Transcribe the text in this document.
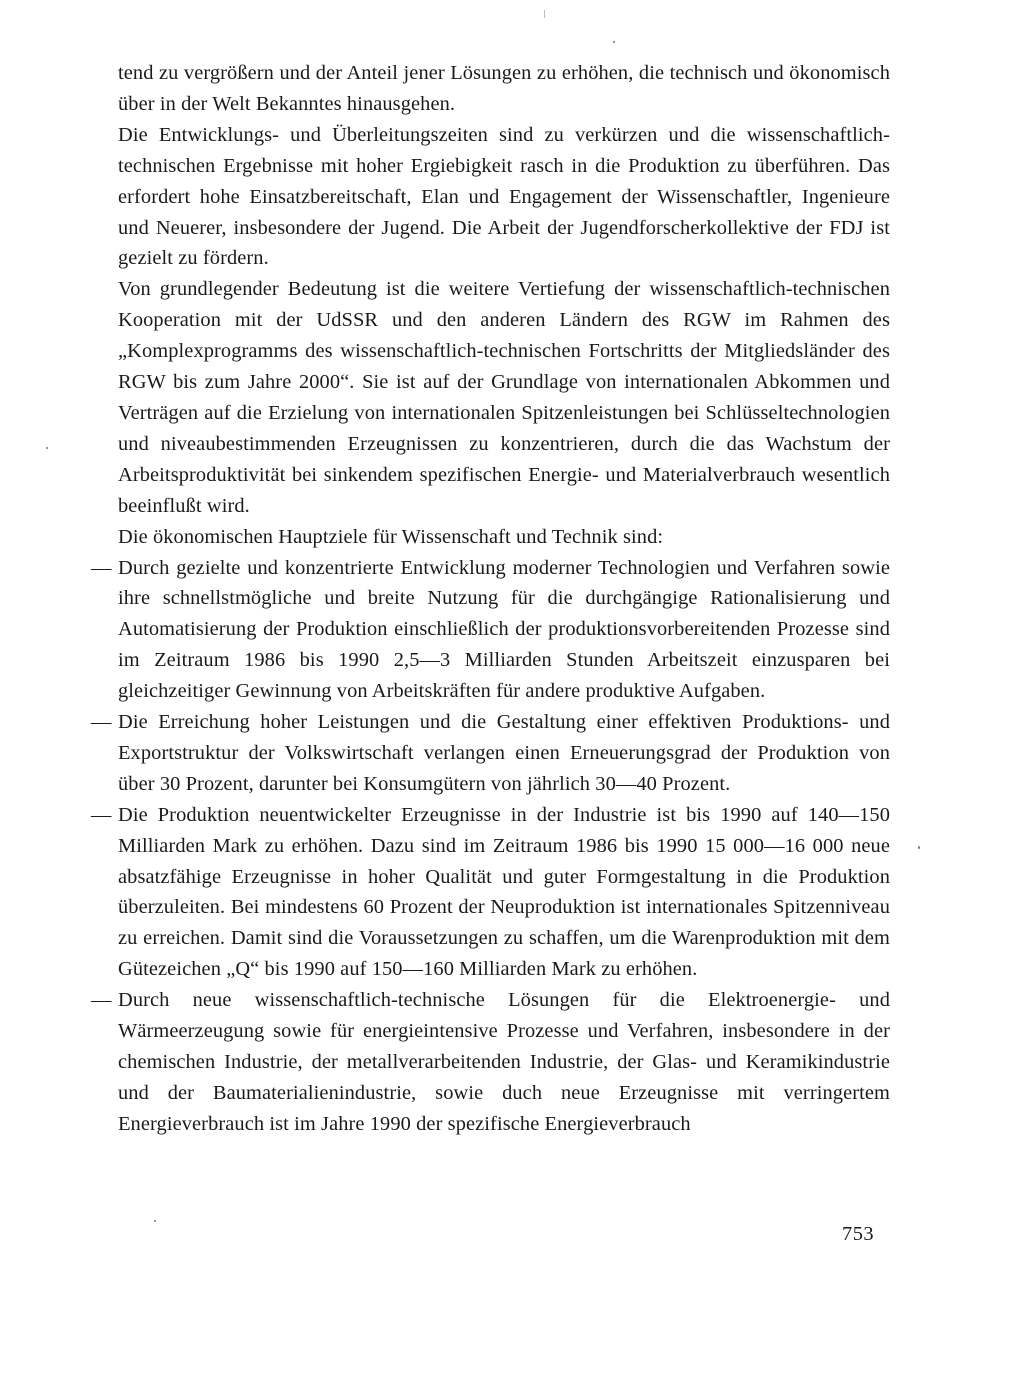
tend zu vergrößern und der Anteil jener Lösungen zu erhöhen, die technisch und ökonomisch über in der Welt Bekanntes hinausgehen.

Die Entwicklungs- und Überleitungszeiten sind zu verkürzen und die wissenschaftlich-technischen Ergebnisse mit hoher Ergiebigkeit rasch in die Produktion zu überführen. Das erfordert hohe Einsatzbereitschaft, Elan und Engagement der Wissenschaftler, Ingenieure und Neuerer, insbesondere der Jugend. Die Arbeit der Jugendforscherkollektive der FDJ ist gezielt zu fördern.

Von grundlegender Bedeutung ist die weitere Vertiefung der wissenschaftlich-technischen Kooperation mit der UdSSR und den anderen Ländern des RGW im Rahmen des „Komplexprogramms des wissenschaftlich-technischen Fortschritts der Mitgliedsländer des RGW bis zum Jahre 2000“. Sie ist auf der Grundlage von internationalen Abkommen und Verträgen auf die Erzielung von internationalen Spitzenleistungen bei Schlüsseltechnologien und niveaubestimmenden Erzeugnissen zu konzentrieren, durch die das Wachstum der Arbeitsproduktivität bei sinkendem spezifischen Energie- und Materialverbrauch wesentlich beeinflußt wird.

Die ökonomischen Hauptziele für Wissenschaft und Technik sind:

— Durch gezielte und konzentrierte Entwicklung moderner Technologien und Verfahren sowie ihre schnellstmögliche und breite Nutzung für die durchgängige Rationalisierung und Automatisierung der Produktion einschließlich der produktionsvorbereitenden Prozesse sind im Zeitraum 1986 bis 1990 2,5—3 Milliarden Stunden Arbeitszeit einzusparen bei gleichzeitiger Gewinnung von Arbeitskräften für andere produktive Aufgaben.
— Die Erreichung hoher Leistungen und die Gestaltung einer effektiven Produktions- und Exportstruktur der Volkswirtschaft verlangen einen Erneuerungsgrad der Produktion von über 30 Prozent, darunter bei Konsumgütern von jährlich 30—40 Prozent.
— Die Produktion neuentwickelter Erzeugnisse in der Industrie ist bis 1990 auf 140—150 Milliarden Mark zu erhöhen. Dazu sind im Zeitraum 1986 bis 1990 15 000—16 000 neue absatzfähige Erzeugnisse in hoher Qualität und guter Formgestaltung in die Produktion überzuleiten. Bei mindestens 60 Prozent der Neuproduktion ist internationales Spitzenniveau zu erreichen. Damit sind die Voraussetzungen zu schaffen, um die Warenproduktion mit dem Gütezeichen „Q“ bis 1990 auf 150—160 Milliarden Mark zu erhöhen.
— Durch neue wissenschaftlich-technische Lösungen für die Elektroenergie- und Wärmeerzeugung sowie für energieintensive Prozesse und Verfahren, insbesondere in der chemischen Industrie, der metallverarbeitenden Industrie, der Glas- und Keramikindustrie und der Baumaterialienindustrie, sowie duch neue Erzeugnisse mit verringertem Energieverbrauch ist im Jahre 1990 der spezifische Energieverbrauch
753
